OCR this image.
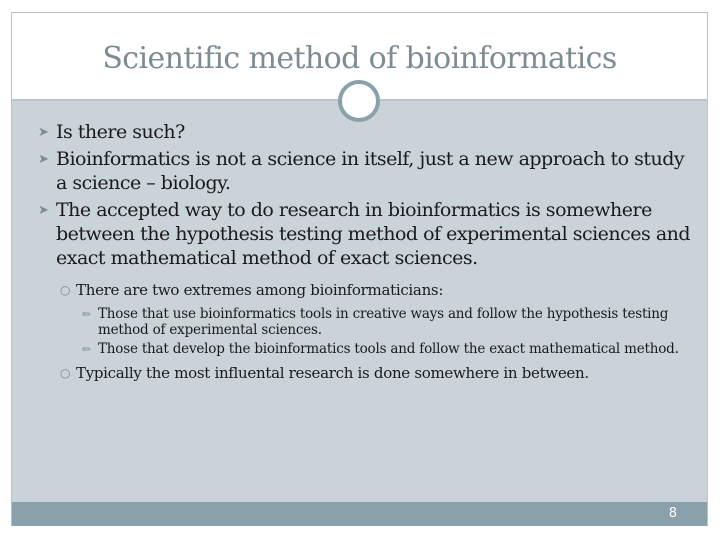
Scientific method of bioinformatics
➤ Is there such?
➤ Bioinformatics is not a science in itself, just a new approach to study a science – biology.
➤ The accepted way to do research in bioinformatics is somewhere between the hypothesis testing method of experimental sciences and exact mathematical method of exact sciences.
○ There are two extremes among bioinformaticians:
✏ Those that use bioinformatics tools in creative ways and follow the hypothesis testing method of experimental sciences.
✏ Those that develop the bioinformatics tools and follow the exact mathematical method.
○ Typically the most influental research is done somewhere in between.
8
